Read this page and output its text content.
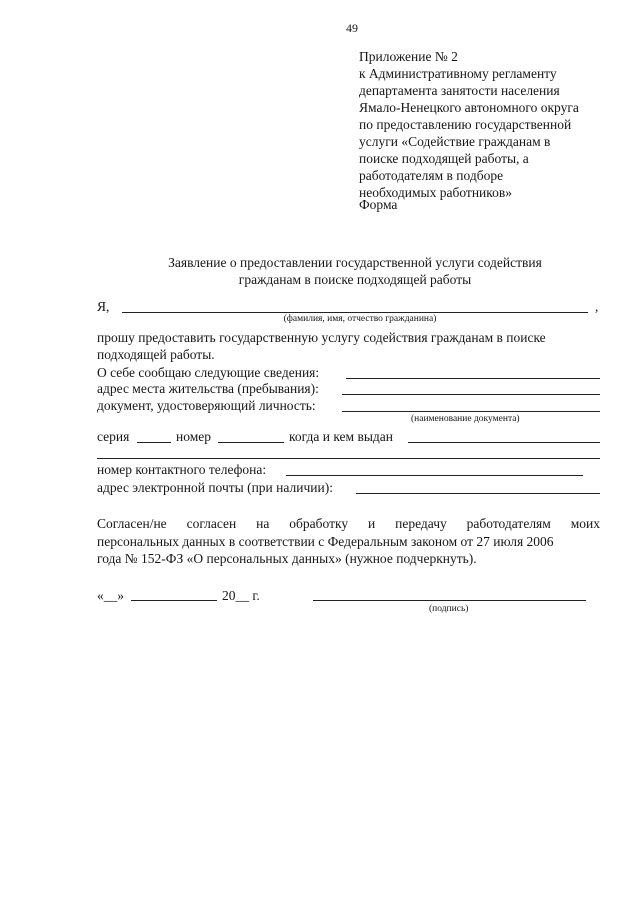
49
Приложение № 2
к Административному регламенту
департамента занятости населения
Ямало-Ненецкого автономного округа
по предоставлению государственной
услуги «Содействие гражданам в
поиске подходящей работы, а
работодателям в подборе
необходимых работников»
Форма
Заявление о предоставлении государственной услуги содействия
гражданам в поиске подходящей работы
Я,	,
(фамилия, имя, отчество гражданина)
прошу предоставить государственную услугу содействия гражданам в поиске
подходящей работы.
О себе сообщаю следующие сведения:
адрес места жительства (пребывания):
документ, удостоверяющий личность:
(наименование документа)
серия	номер	когда и кем выдан
номер контактного телефона:
адрес электронной почты (при наличии):
Согласен/не согласен на обработку и передачу работодателям моих
персональных данных в соответствии с Федеральным законом от 27 июля 2006
года № 152-ФЗ «О персональных данных» (нужное подчеркнуть).
«__»	20__ г.
(подпись)
